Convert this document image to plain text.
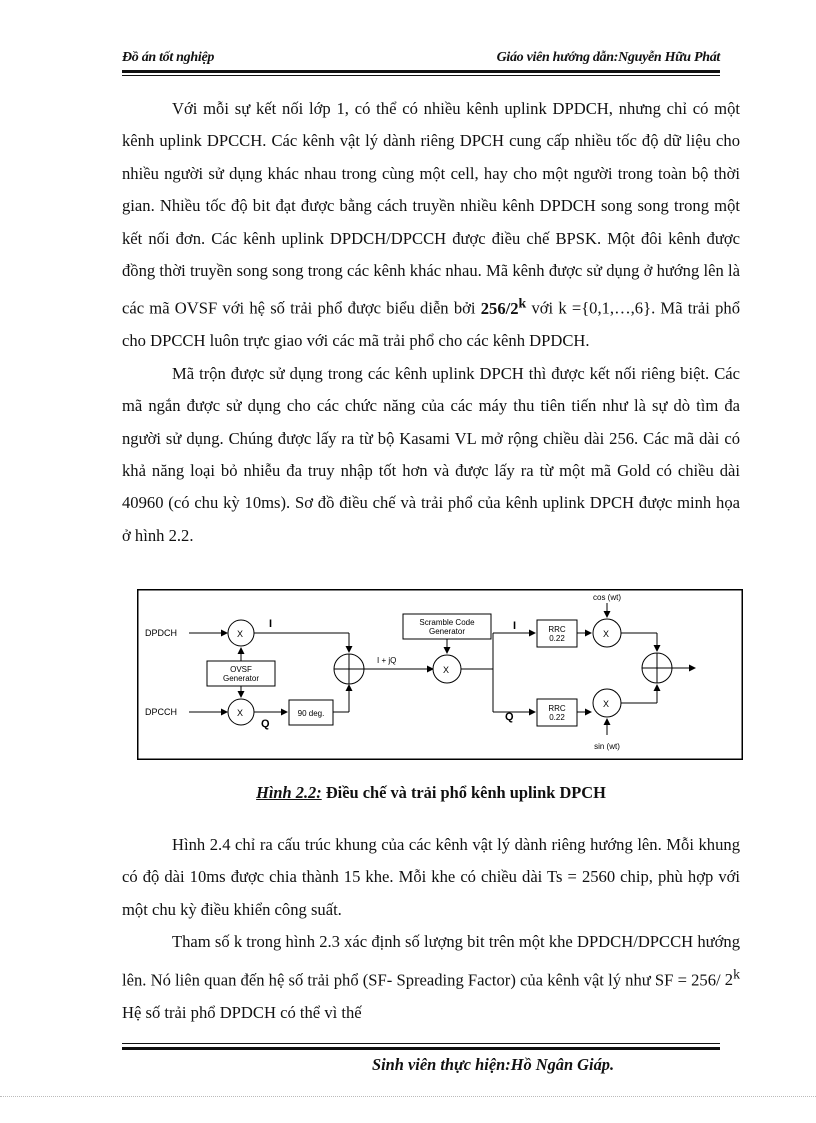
Đồ án tốt nghiệp	Giáo viên hướng dẫn:Nguyễn Hữu Phát

Với mỗi sự kết nối lớp 1, có thể có nhiều kênh uplink DPDCH, nhưng chỉ có một kênh uplink DPCCH. Các kênh vật lý dành riêng DPCH cung cấp nhiều tốc độ dữ liệu cho nhiều người sử dụng khác nhau trong cùng một cell, hay cho một người trong toàn bộ thời gian. Nhiều tốc độ bit đạt được bằng cách truyền nhiều kênh DPDCH song song trong một kết nối đơn. Các kênh uplink DPDCH/DPCCH được điều chế BPSK. Một đôi kênh được đồng thời truyền song song trong các kênh khác nhau. Mã kênh được sử dụng ở hướng lên là các mã OVSF với hệ số trải phổ được biểu diễn bởi 256/2$^k$ với k ={0,1,…,6}. Mã trải phổ cho DPCCH luôn trực giao với các mã trải phổ cho các kênh DPDCH.

Mã trộn được sử dụng trong các kênh uplink DPCH thì được kết nối riêng biệt. Các mã ngắn được sử dụng cho các chức năng của các máy thu tiên tiến như là sự dò tìm đa người sử dụng. Chúng được lấy ra từ bộ Kasami VL mở rộng chiều dài 256. Các mã dài có khả năng loại bỏ nhiễu đa truy nhập tốt hơn và được lấy ra từ một mã Gold có chiều dài 40960 (có chu kỳ 10ms). Sơ đồ điều chế và trải phổ của kênh uplink DPCH được minh họa ở hình 2.2.

DPDCH
DPCCH
X
X
OVSF
Generator
90 deg.
I
Q
I + jQ
Scramble Code
Generator
X
RRC
0.22
RRC
0.22
I
Q
X
X
cos (wt)
sin (wt)
Hình 2.2: Điều chế và trải phổ kênh uplink DPCH

Hình 2.4 chỉ ra cấu trúc khung của các kênh vật lý dành riêng hướng lên. Mỗi khung có độ dài 10ms được chia thành 15 khe. Mỗi khe có chiều dài Ts = 2560 chip, phù hợp với một chu kỳ điều khiển công suất.

Tham số k trong hình 2.3 xác định số lượng bit trên một khe DPDCH/DPCCH hướng lên. Nó liên quan đến hệ số trải phổ (SF- Spreading Factor) của kênh vật lý như SF = 256/ 2$^k$ Hệ số trải phổ DPDCH có thể vì thế

Sinh viên thực hiện:Hồ Ngân Giáp.
